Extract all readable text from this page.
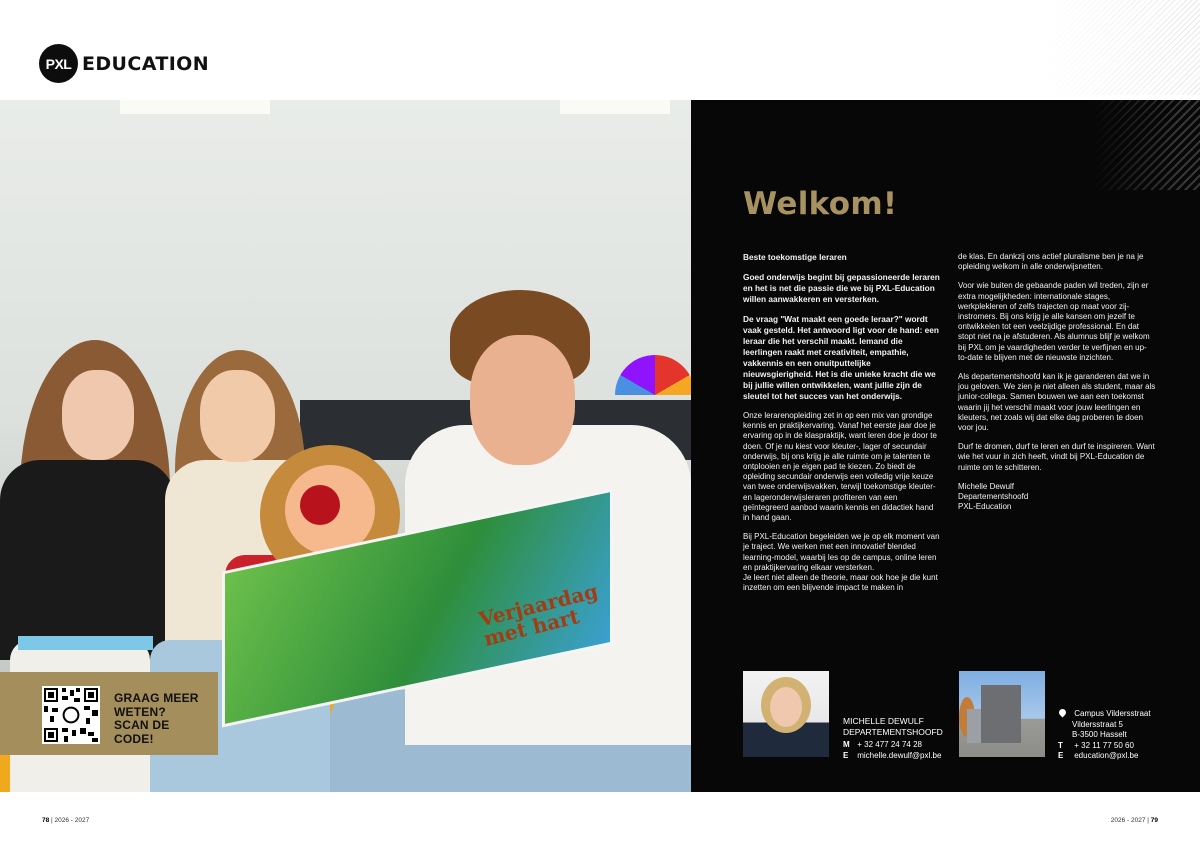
PXL EDUCATION
Verjaardag met hart
GRAAG MEER
WETEN?
SCAN DE
CODE!
Welkom!

Beste toekomstige leraren

Goed onderwijs begint bij gepassioneerde leraren en het is net die passie die we bij PXL-Education willen aanwakkeren en versterken.

De vraag "Wat maakt een goede leraar?" wordt vaak gesteld. Het antwoord ligt voor de hand: een leraar die het verschil maakt. Iemand die leerlingen raakt met creativiteit, empathie, vakkennis en een onuitputtelijke nieuwsgierigheid. Het is die unieke kracht die we bij jullie willen ontwikkelen, want jullie zijn de sleutel tot het succes van het onderwijs.

Onze lerarenopleiding zet in op een mix van grondige kennis en praktijkervaring. Vanaf het eerste jaar doe je ervaring op in de klaspraktijk, want leren doe je door te doen. Of je nu kiest voor kleuter-, lager of secundair onderwijs, bij ons krijg je alle ruimte om je talenten te ontplooien en je eigen pad te kiezen. Zo biedt de opleiding secundair onderwijs een volledig vrije keuze van twee onderwijsvakken, terwijl toekomstige kleuter- en lageronderwijsleraren profiteren van een geïntegreerd aanbod waarin kennis en didactiek hand in hand gaan.

Bij PXL-Education begeleiden we je op elk moment van je traject. We werken met een innovatief blended learning-model, waarbij les op de campus, online leren en praktijkervaring elkaar versterken.

Je leert niet alleen de theorie, maar ook hoe je die kunt inzetten om een blijvende impact te maken in

de klas. En dankzij ons actief pluralisme ben je na je opleiding welkom in alle onderwijsnetten.

Voor wie buiten de gebaande paden wil treden, zijn er extra mogelijkheden: internationale stages, werkplekleren of zelfs trajecten op maat voor zij-instromers. Bij ons krijg je alle kansen om jezelf te ontwikkelen tot een veelzijdige professional. En dat stopt niet na je afstuderen. Als alumnus blijf je welkom bij PXL om je vaardigheden verder te verfijnen en up-to-date te blijven met de nieuwste inzichten.

Als departementshoofd kan ik je garanderen dat we in jou geloven. We zien je niet alleen als student, maar als junior-collega. Samen bouwen we aan een toekomst waarin jij het verschil maakt voor jouw leerlingen en kleuters, net zoals wij dat elke dag proberen te doen voor jou.

Durf te dromen, durf te leren en durf te inspireren. Want wie het vuur in zich heeft, vindt bij PXL-Education de ruimte om te schitteren.

Michelle Dewulf
Departementshoofd
PXL-Education

MICHELLE DEWULF
DEPARTEMENTSHOOFD
M + 32 477 24 74 28
E michelle.dewulf@pxl.be
Campus Vildersstraat
Vildersstraat 5
B-3500 Hasselt
T + 32 11 77 50 60
E education@pxl.be
78 | 2026 - 2027	2026 - 2027 | 79
